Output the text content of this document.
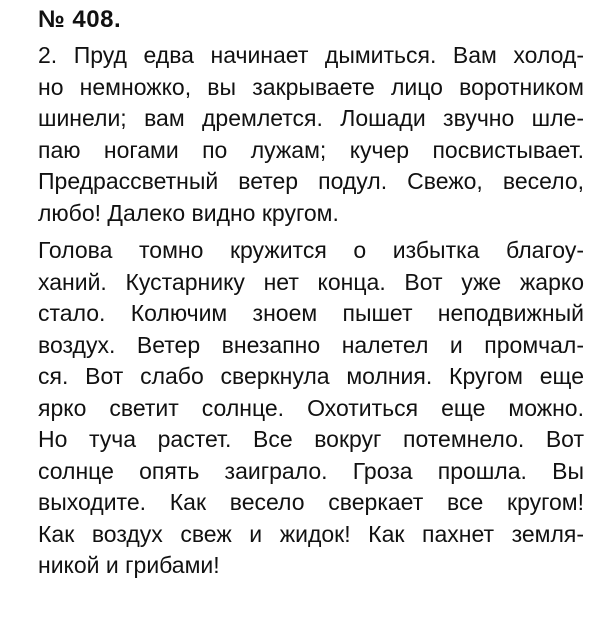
№ 408.
2. Пруд едва начинает дымиться. Вам холод-
но немножко, вы закрываете лицо воротником
шинели; вам дремлется. Лошади звучно шле-
паю ногами по лужам; кучер посвистывает.
Предрассветный ветер подул. Свежо, весело,
любо! Далеко видно кругом.
Голова томно кружится о избытка благоу-
ханий. Кустарнику нет конца. Вот уже жарко
стало. Колючим зноем пышет неподвижный
воздух. Ветер внезапно налетел и промчал-
ся. Вот слабо сверкнула молния. Кругом еще
ярко светит солнце. Охотиться еще можно.
Но туча растет. Все вокруг потемнело. Вот
солнце опять заиграло. Гроза прошла. Вы
выходите. Как весело сверкает все кругом!
Как воздух свеж и жидок! Как пахнет земля-
никой и грибами!
